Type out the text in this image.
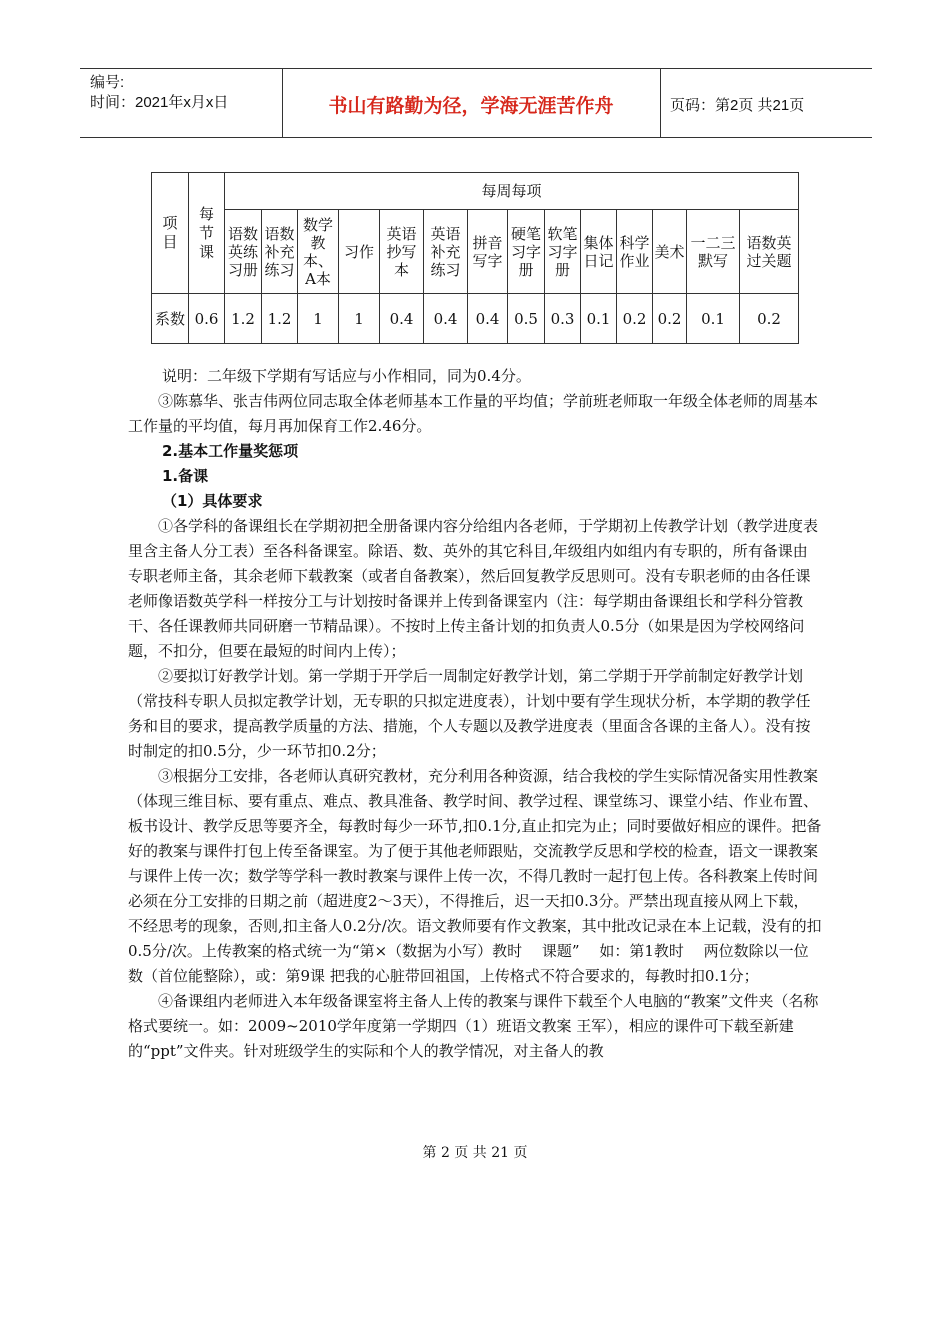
编号:
时间：2021年x月x日	书山有路勤为径，学海无涯苦作舟	页码：第2页 共21页
项目	每节课	每周每项													
		语数英练习册	语数补充练习	数学教本、A本	习作	英语抄写本	英语补充练习	拼音写字	硬笔习字册	软笔习字册	集体日记	科学作业	美术	一二三默写	语数英过关题
系数	0.6	1.2	1.2	1	1	0.4	0.4	0.4	0.5	0.3	0.1	0.2	0.2	0.1	0.2

说明：二年级下学期有写话应与小作相同，同为0.4分。

③陈慕华、张吉伟两位同志取全体老师基本工作量的平均值；学前班老师取一年级全体老师的周基本工作量的平均值，每月再加保育工作2.46分。

2.基本工作量奖惩项

1.备课

（1）具体要求

①各学科的备课组长在学期初把全册备课内容分给组内各老师，于学期初上传教学计划（教学进度表里含主备人分工表）至各科备课室。除语、数、英外的其它科目,年级组内如组内有专职的，所有备课由专职老师主备，其余老师下载教案（或者自备教案），然后回复教学反思则可。没有专职老师的由各任课老师像语数英学科一样按分工与计划按时备课并上传到备课室内（注：每学期由备课组长和学科分管教干、各任课教师共同研磨一节精品课）。不按时上传主备计划的扣负责人0.5分（如果是因为学校网络问题，不扣分，但要在最短的时间内上传）；

②要拟订好教学计划。第一学期于开学后一周制定好教学计划，第二学期于开学前制定好教学计划（常技科专职人员拟定教学计划，无专职的只拟定进度表），计划中要有学生现状分析，本学期的教学任务和目的要求，提高教学质量的方法、措施，个人专题以及教学进度表（里面含各课的主备人）。没有按时制定的扣0.5分，少一环节扣0.2分；

③根据分工安排，各老师认真研究教材，充分利用各种资源，结合我校的学生实际情况备实用性教案（体现三维目标、要有重点、难点、教具准备、教学时间、教学过程、课堂练习、课堂小结、作业布置、板书设计、教学反思等要齐全，每教时每少一环节,扣0.1分,直止扣完为止；同时要做好相应的课件。把备好的教案与课件打包上传至备课室。为了便于其他老师跟贴，交流教学反思和学校的检查，语文一课教案与课件上传一次；数学等学科一教时教案与课件上传一次，不得几教时一起打包上传。各科教案上传时间必须在分工安排的日期之前（超进度2～3天），不得推后，迟一天扣0.3分。严禁出现直接从网上下载，不经思考的现象，否则,扣主备人0.2分/次。语文教师要有作文教案，其中批改记录在本上记载，没有的扣0.5分/次。上传教案的格式统一为“第×（数据为小写）教时　 课题”　 如：第1教时　 两位数除以一位数（首位能整除），或：第9课 把我的心脏带回祖国，上传格式不符合要求的，每教时扣0.1分；

④备课组内老师进入本年级备课室将主备人上传的教案与课件下载至个人电脑的“教案”文件夹（名称格式要统一。如：2009~2010学年度第一学期四（1）班语文教案 王军），相应的课件可下载至新建的“ppt”文件夹。针对班级学生的实际和个人的教学情况，对主备人的教

第 2 页 共 21 页
